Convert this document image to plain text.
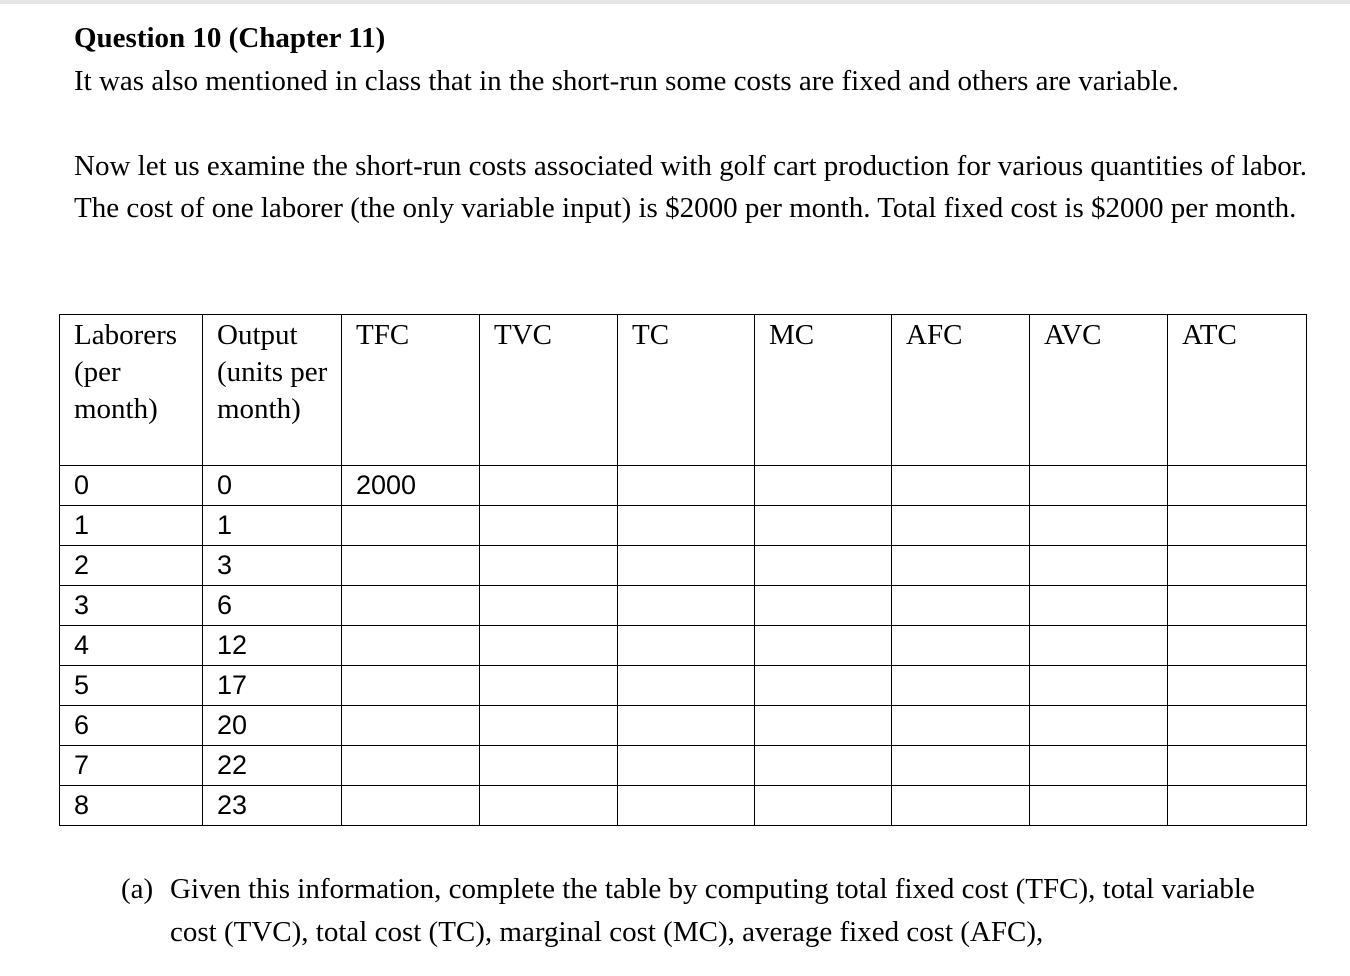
Question 10 (Chapter 11)
It was also mentioned in class that in the short-run some costs are fixed and others are variable.
Now let us examine the short-run costs associated with golf cart production for various quantities of labor. The cost of one laborer (the only variable input) is $2000 per month. Total fixed cost is $2000 per month.
Laborers (per month)	Output (units per month)	TFC	TVC	TC	MC	AFC	AVC	ATC
0	0	2000						
1	1							
2	3							
3	6							
4	12							
5	17							
6	20							
7	22							
8	23							
(a) Given this information, complete the table by computing total fixed cost (TFC), total variable cost (TVC), total cost (TC), marginal cost (MC), average fixed cost (AFC),
